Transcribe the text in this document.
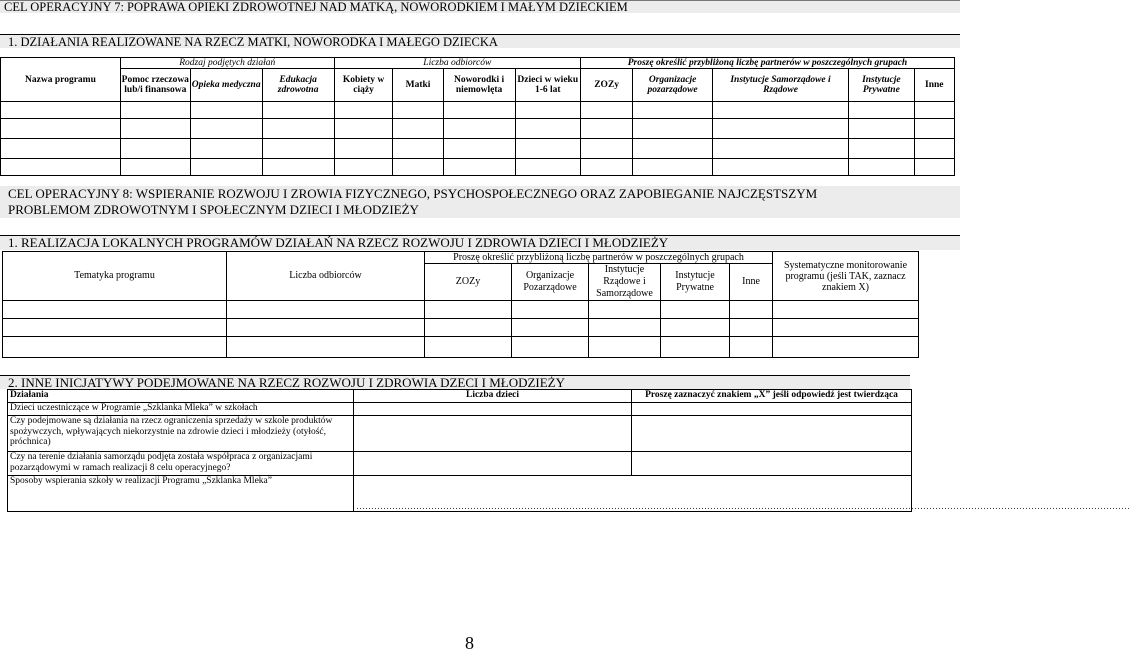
CEL OPERACYJNY 7: POPRAWA OPIEKI ZDROWOTNEJ NAD MATKĄ, NOWORODKIEM I MAŁYM DZIECKIEM
1. DZIAŁANIA REALIZOWANE NA RZECZ MATKI, NOWORODKA I MAŁEGO DZIECKA
Nazwa programu	Rodzaj podjętych działań			Liczba odbiorców				Proszę określić przybliżoną liczbę partnerów w poszczególnych grupach				
	Pomoc rzeczowa lub/i finansowa	Opieka medyczna	Edukacja zdrowotna	Kobiety w ciąży	Matki	Noworodki i niemowlęta	Dzieci w wieku 1-6 lat	ZOZy	Organizacje pozarządowe	Instytucje Samorządowe i Rządowe	Instytucje Prywatne	Inne

CEL OPERACYJNY 8: WSPIERANIE ROZWOJU I ZROWIA FIZYCZNEGO, PSYCHOSPOŁECZNEGO ORAZ ZAPOBIEGANIE NAJCZĘSTSZYM
PROBLEMOM ZDROWOTNYM I SPOŁECZNYM DZIECI I MŁODZIEŻY
1. REALIZACJA LOKALNYCH PROGRAMÓW DZIAŁAŃ NA RZECZ ROZWOJU I ZDROWIA DZIECI I MŁODZIEŻY
Tematyka programu	Liczba odbiorców	Proszę określić przybliżoną liczbę partnerów w poszczególnych grupach					Systematyczne monitorowanie programu (jeśli TAK, zaznacz znakiem X)
		ZOZy	Organizacje Pozarządowe	Instytucje Rządowe i Samorządowe	Instytucje Prywatne	Inne	

2. INNE INICJATYWY PODEJMOWANE NA RZECZ ROZWOJU I ZDROWIA DZECI I MŁODZIEŻY
Działania	Liczba dzieci	Proszę zaznaczyć znakiem „X” jeśli odpowiedź jest twierdząca
Dzieci uczestniczące w Programie „Szklanka Mleka” w szkołach		
Czy podejmowane są działania na rzecz ograniczenia sprzedaży w szkole produktów spożywczych, wpływających niekorzystnie na zdrowie dzieci i młodzieży (otyłość, próchnica)		
Czy na terenie działania samorządu podjęta została współpraca z organizacjami pozarządowymi w ramach realizacji 8 celu operacyjnego?		
Sposoby wspierania szkoły w realizacji Programu „Szklanka Mleka”	……………………………………………………………………………………………………………………………………………………………………………………………………………………………………	
8
